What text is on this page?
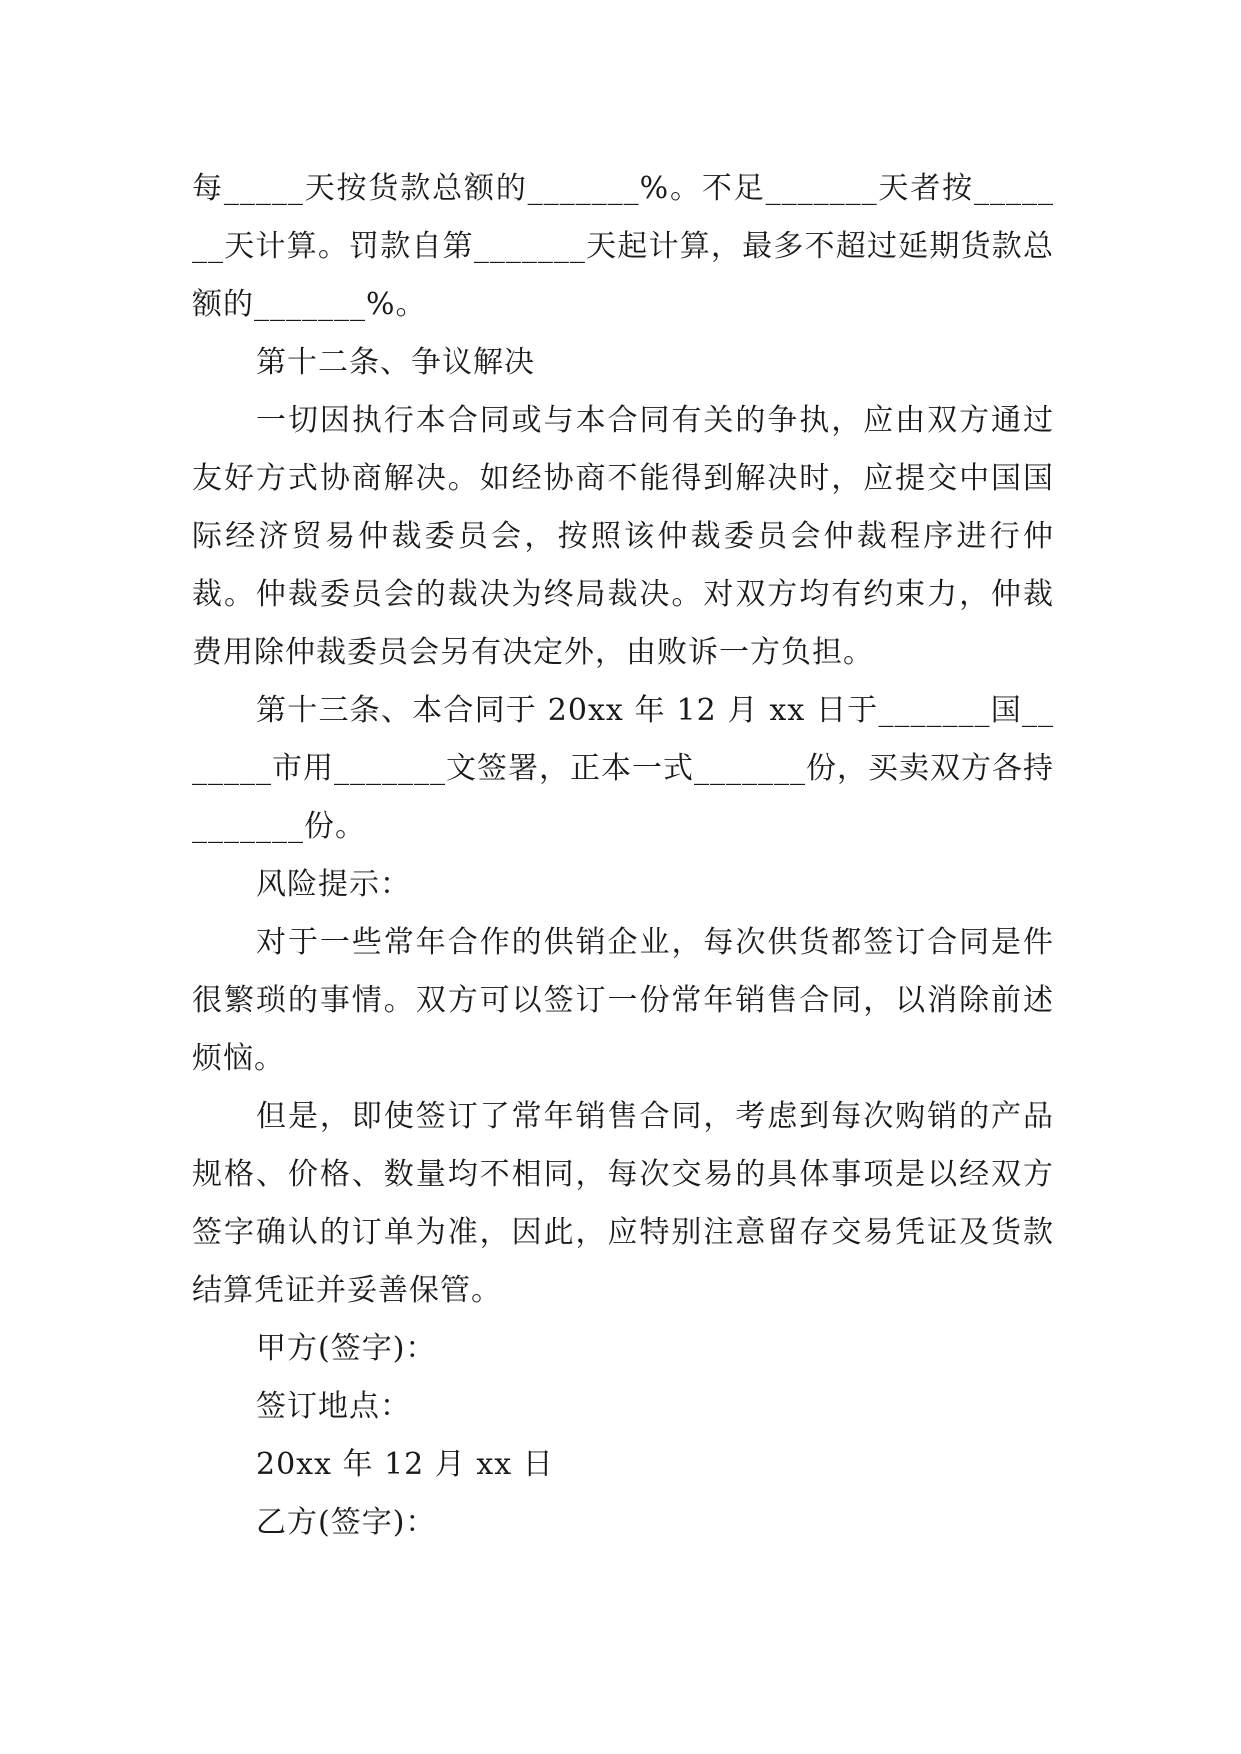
每_____天按货款总额的_______%。不足_______天者按_______天计算。罚款自第_______天起计算，最多不超过延期货款总额的_______%。

第十二条、争议解决

一切因执行本合同或与本合同有关的争执，应由双方通过友好方式协商解决。如经协商不能得到解决时，应提交中国国际经济贸易仲裁委员会，按照该仲裁委员会仲裁程序进行仲裁。仲裁委员会的裁决为终局裁决。对双方均有约束力，仲裁费用除仲裁委员会另有决定外，由败诉一方负担。

第十三条、本合同于 20xx 年 12 月 xx 日于_______国_______市用_______文签署，正本一式_______份，买卖双方各持_______份。

风险提示：

对于一些常年合作的供销企业，每次供货都签订合同是件很繁琐的事情。双方可以签订一份常年销售合同，以消除前述烦恼。

但是，即使签订了常年销售合同，考虑到每次购销的产品规格、价格、数量均不相同，每次交易的具体事项是以经双方签字确认的订单为准，因此，应特别注意留存交易凭证及货款结算凭证并妥善保管。

甲方(签字)：

签订地点：

20xx 年 12 月 xx 日

乙方(签字)：
